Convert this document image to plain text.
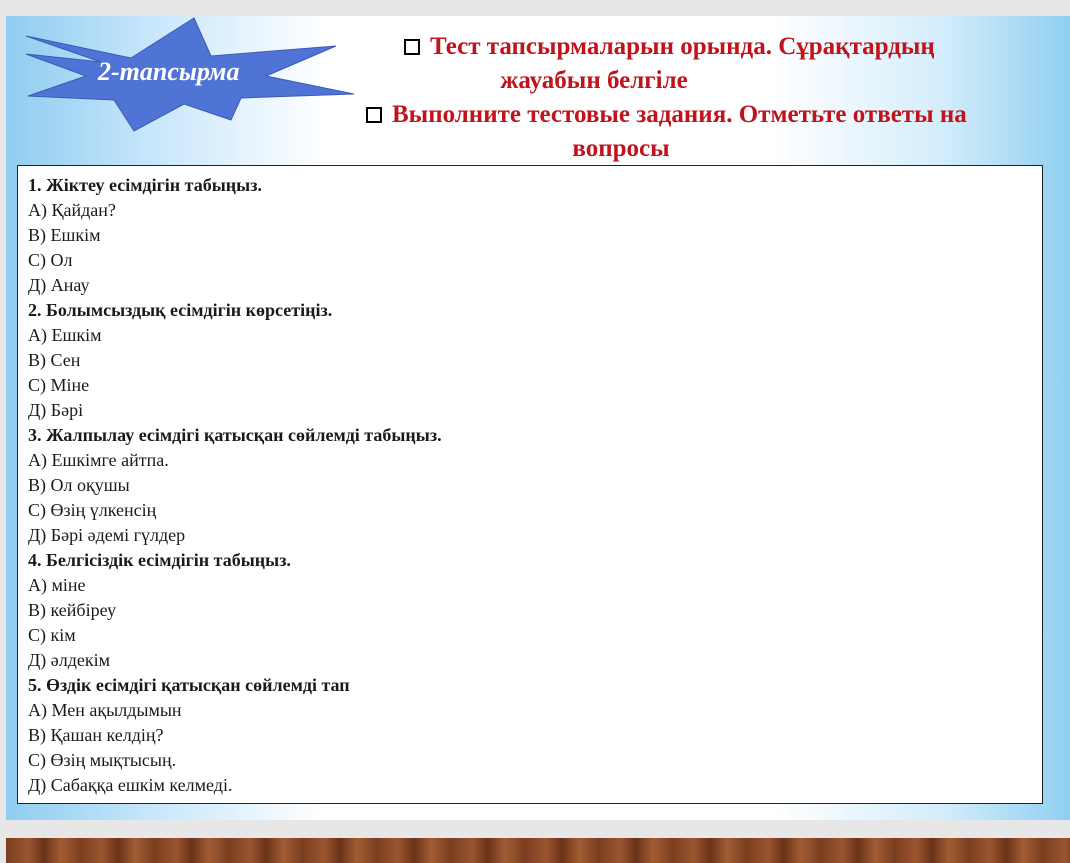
2-тапсырма
Тест тапсырмаларын орында. Сұрақтардың
жауабын белгіле
Выполните тестовые задания. Отметьте ответы на
вопросы
1. Жіктеу есімдігін табыңыз.
А) Қайдан?
В) Ешкім
С) Ол
Д) Анау
2. Болымсыздық есімдігін көрсетіңіз.
А) Ешкім
В) Сен
С) Міне
Д) Бәрі
3. Жалпылау есімдігі қатысқан сөйлемді табыңыз.
А) Ешкімге айтпа.
В) Ол оқушы
С) Өзің үлкенсің
Д) Бәрі әдемі гүлдер
4. Белгісіздік есімдігін табыңыз.
А) міне
В) кейбіреу
С) кім
Д) әлдекім
5. Өздік есімдігі қатысқан сөйлемді тап
А) Мен ақылдымын
В) Қашан келдің?
С) Өзің мықтысың.
Д) Сабаққа ешкім келмеді.
